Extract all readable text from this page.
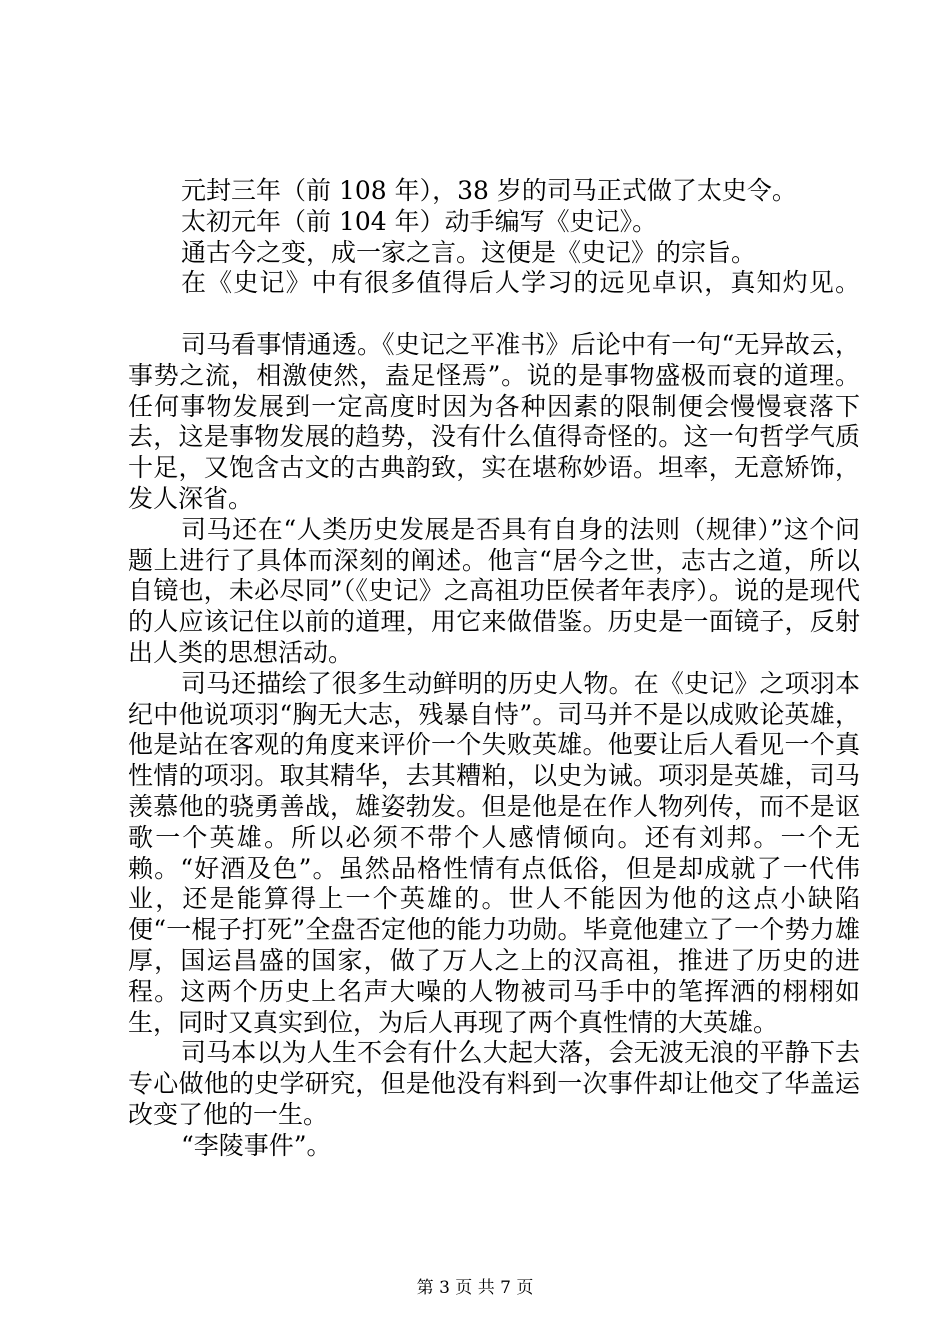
元封三年（前 108 年），38 岁的司马正式做了太史令。

太初元年（前 104 年）动手编写《史记》。

通古今之变，成一家之言。这便是《史记》的宗旨。

在《史记》中有很多值得后人学习的远见卓识，真知灼见。

司马看事情通透。《史记之平准书》后论中有一句“无异故云，事势之流，相激使然，盍足怪焉”。说的是事物盛极而衰的道理。任何事物发展到一定高度时因为各种因素的限制便会慢慢衰落下去，这是事物发展的趋势，没有什么值得奇怪的。这一句哲学气质十足，又饱含古文的古典韵致，实在堪称妙语。坦率，无意矫饰，发人深省。

司马还在“人类历史发展是否具有自身的法则（规律）”这个问题上进行了具体而深刻的阐述。他言“居今之世，志古之道，所以自镜也，未必尽同”（《史记》之高祖功臣侯者年表序）。说的是现代的人应该记住以前的道理，用它来做借鉴。历史是一面镜子，反射出人类的思想活动。

司马还描绘了很多生动鲜明的历史人物。在《史记》之项羽本纪中他说项羽“胸无大志，残暴自恃”。司马并不是以成败论英雄，他是站在客观的角度来评价一个失败英雄。他要让后人看见一个真性情的项羽。取其精华，去其糟粕，以史为诫。项羽是英雄，司马羡慕他的骁勇善战，雄姿勃发。但是他是在作人物列传，而不是讴歌一个英雄。所以必须不带个人感情倾向。还有刘邦。一个无赖。“好酒及色”。虽然品格性情有点低俗，但是却成就了一代伟业，还是能算得上一个英雄的。世人不能因为他的这点小缺陷便“一棍子打死”全盘否定他的能力功勋。毕竟他建立了一个势力雄厚，国运昌盛的国家，做了万人之上的汉高祖，推进了历史的进程。这两个历史上名声大噪的人物被司马手中的笔挥洒的栩栩如生，同时又真实到位，为后人再现了两个真性情的大英雄。

司马本以为人生不会有什么大起大落，会无波无浪的平静下去专心做他的史学研究，但是他没有料到一次事件却让他交了华盖运改变了他的一生。

“李陵事件”。

第 3 页 共 7 页
